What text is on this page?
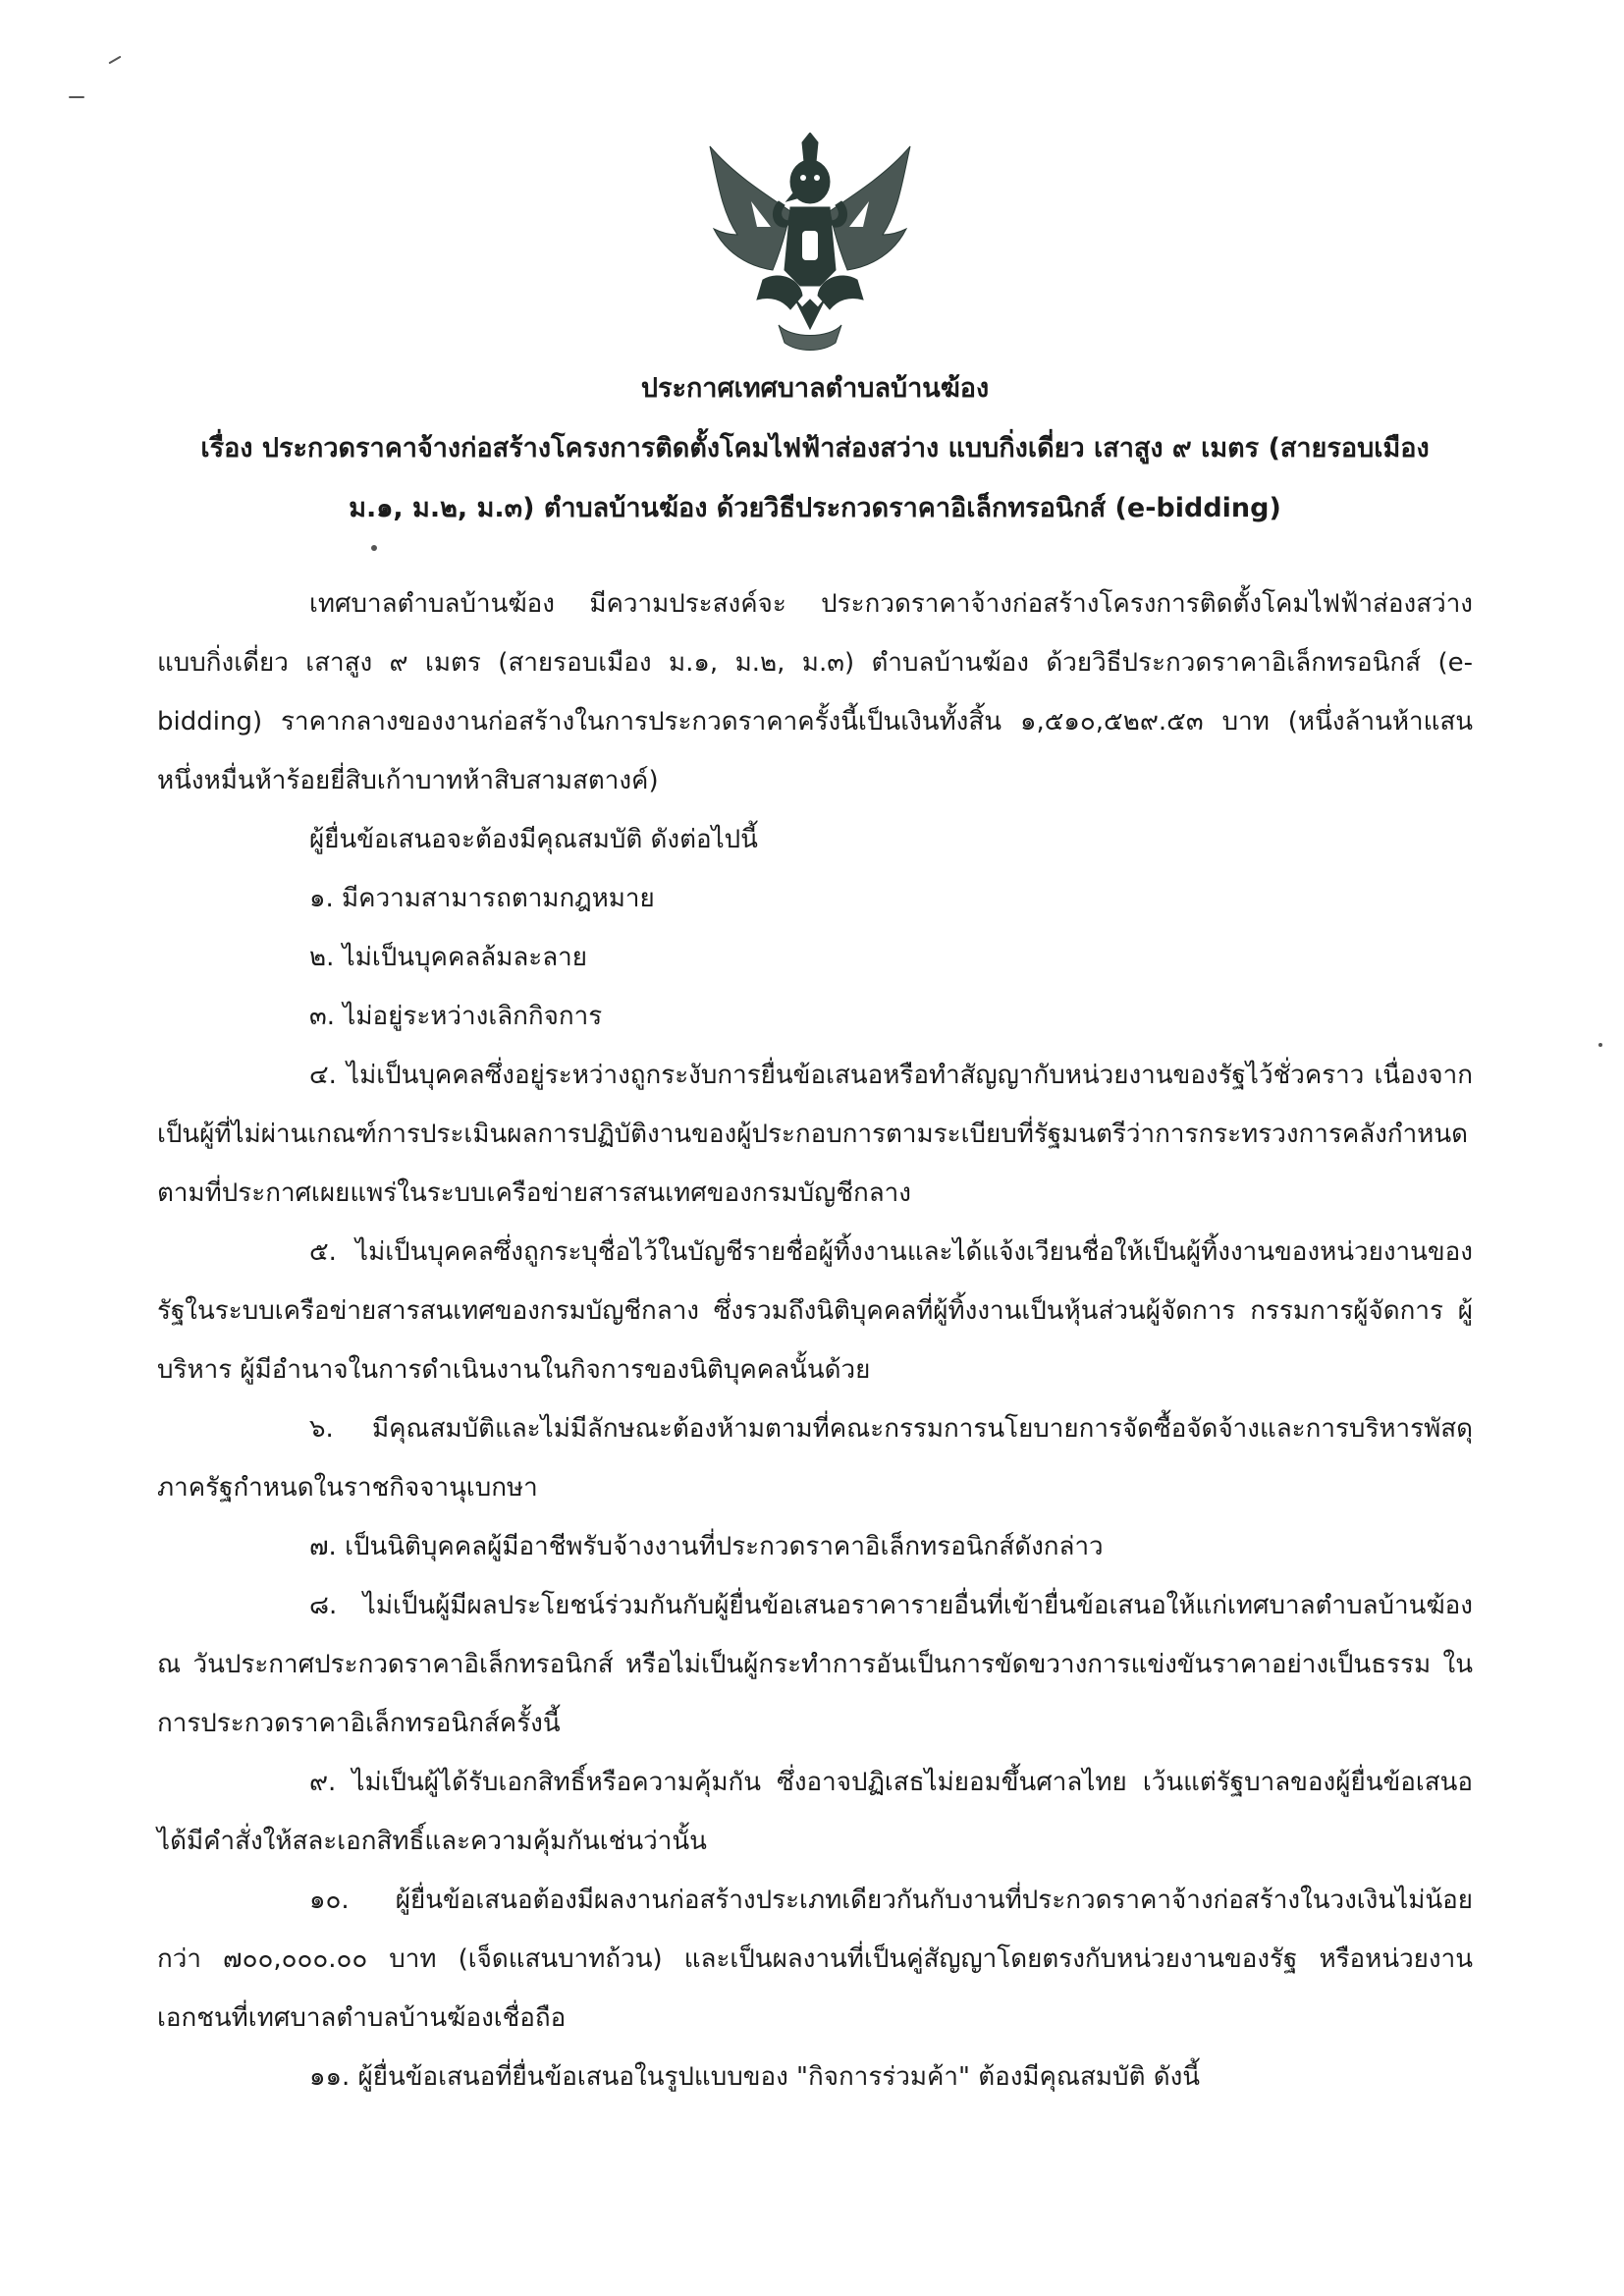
ประกาศเทศบาลตำบลบ้านฆ้อง
เรื่อง ประกวดราคาจ้างก่อสร้างโครงการติดตั้งโคมไฟฟ้าส่องสว่าง แบบกิ่งเดี่ยว เสาสูง ๙ เมตร (สายรอบเมือง
ม.๑, ม.๒, ม.๓) ตำบลบ้านฆ้อง ด้วยวิธีประกวดราคาอิเล็กทรอนิกส์ (e-bidding)

เทศบาลตำบลบ้านฆ้อง มีความประสงค์จะ ประกวดราคาจ้างก่อสร้างโครงการติดตั้งโคมไฟฟ้าส่องสว่าง แบบกิ่งเดี่ยว เสาสูง ๙ เมตร (สายรอบเมือง ม.๑, ม.๒, ม.๓) ตำบลบ้านฆ้อง ด้วยวิธีประกวดราคาอิเล็กทรอนิกส์ (e-bidding) ราคากลางของงานก่อสร้างในการประกวดราคาครั้งนี้เป็นเงินทั้งสิ้น ๑,๕๑๐,๕๒๙.๕๓ บาท (หนึ่งล้านห้าแสนหนึ่งหมื่นห้าร้อยยี่สิบเก้าบาทห้าสิบสามสตางค์)

ผู้ยื่นข้อเสนอจะต้องมีคุณสมบัติ ดังต่อไปนี้

๑. มีความสามารถตามกฎหมาย

๒. ไม่เป็นบุคคลล้มละลาย

๓. ไม่อยู่ระหว่างเลิกกิจการ

๔. ไม่เป็นบุคคลซึ่งอยู่ระหว่างถูกระงับการยื่นข้อเสนอหรือทำสัญญากับหน่วยงานของรัฐไว้ชั่วคราว เนื่องจากเป็นผู้ที่ไม่ผ่านเกณฑ์การประเมินผลการปฏิบัติงานของผู้ประกอบการตามระเบียบที่รัฐมนตรีว่าการกระทรวงการคลังกำหนดตามที่ประกาศเผยแพร่ในระบบเครือข่ายสารสนเทศของกรมบัญชีกลาง

๕. ไม่เป็นบุคคลซึ่งถูกระบุชื่อไว้ในบัญชีรายชื่อผู้ทิ้งงานและได้แจ้งเวียนชื่อให้เป็นผู้ทิ้งงานของหน่วยงานของรัฐในระบบเครือข่ายสารสนเทศของกรมบัญชีกลาง ซึ่งรวมถึงนิติบุคคลที่ผู้ทิ้งงานเป็นหุ้นส่วนผู้จัดการ กรรมการผู้จัดการ ผู้บริหาร ผู้มีอำนาจในการดำเนินงานในกิจการของนิติบุคคลนั้นด้วย

๖. มีคุณสมบัติและไม่มีลักษณะต้องห้ามตามที่คณะกรรมการนโยบายการจัดซื้อจัดจ้างและการบริหารพัสดุภาครัฐกำหนดในราชกิจจานุเบกษา

๗. เป็นนิติบุคคลผู้มีอาชีพรับจ้างงานที่ประกวดราคาอิเล็กทรอนิกส์ดังกล่าว

๘. ไม่เป็นผู้มีผลประโยชน์ร่วมกันกับผู้ยื่นข้อเสนอราคารายอื่นที่เข้ายื่นข้อเสนอให้แก่เทศบาลตำบลบ้านฆ้อง ณ วันประกาศประกวดราคาอิเล็กทรอนิกส์ หรือไม่เป็นผู้กระทำการอันเป็นการขัดขวางการแข่งขันราคาอย่างเป็นธรรม ในการประกวดราคาอิเล็กทรอนิกส์ครั้งนี้

๙. ไม่เป็นผู้ได้รับเอกสิทธิ์หรือความคุ้มกัน ซึ่งอาจปฏิเสธไม่ยอมขึ้นศาลไทย เว้นแต่รัฐบาลของผู้ยื่นข้อเสนอได้มีคำสั่งให้สละเอกสิทธิ์และความคุ้มกันเช่นว่านั้น

๑๐. ผู้ยื่นข้อเสนอต้องมีผลงานก่อสร้างประเภทเดียวกันกับงานที่ประกวดราคาจ้างก่อสร้างในวงเงินไม่น้อยกว่า ๗๐๐,๐๐๐.๐๐ บาท (เจ็ดแสนบาทถ้วน) และเป็นผลงานที่เป็นคู่สัญญาโดยตรงกับหน่วยงานของรัฐ หรือหน่วยงานเอกชนที่เทศบาลตำบลบ้านฆ้องเชื่อถือ

๑๑. ผู้ยื่นข้อเสนอที่ยื่นข้อเสนอในรูปแบบของ "กิจการร่วมค้า" ต้องมีคุณสมบัติ ดังนี้
